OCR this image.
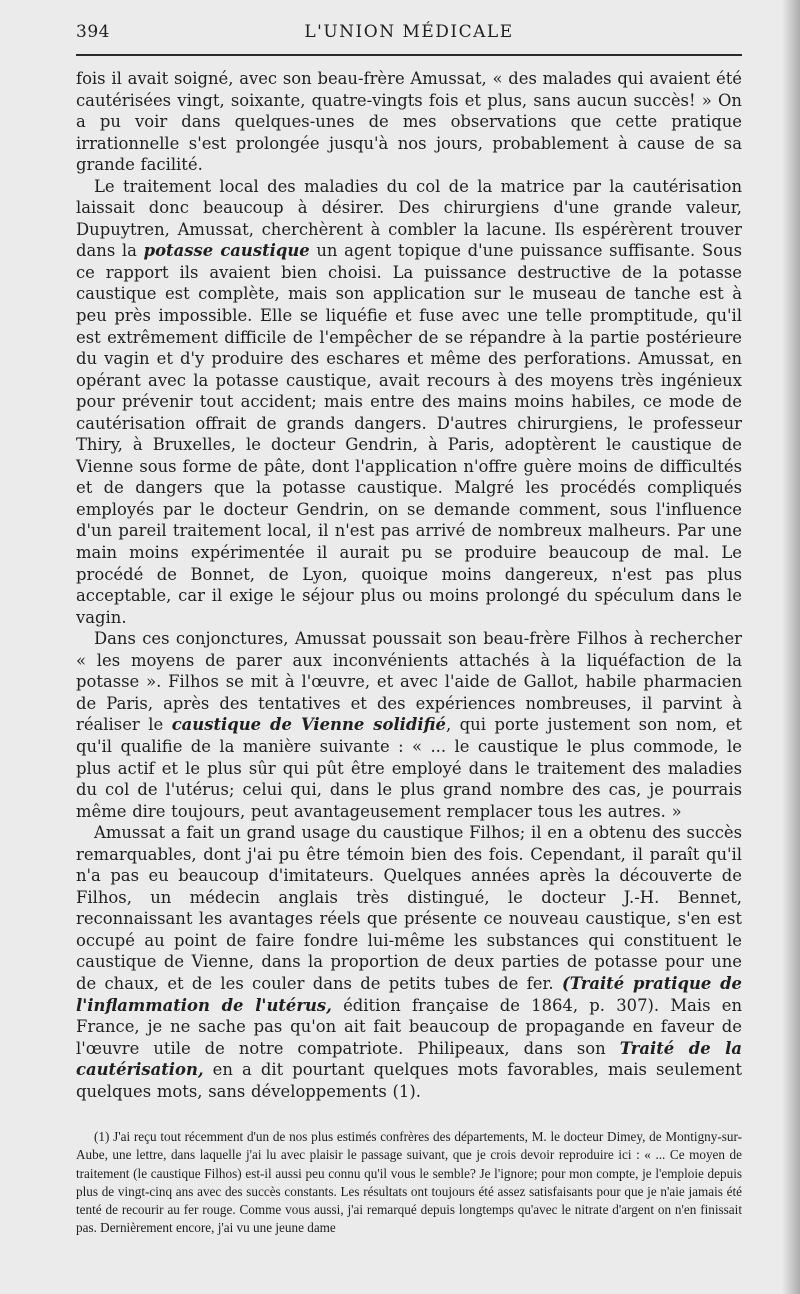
394	L'UNION MÉDICALE

fois il avait soigné, avec son beau-frère Amussat, « des malades qui avaient été cautérisées vingt, soixante, quatre-vingts fois et plus, sans aucun succès! » On a pu voir dans quelques-unes de mes observations que cette pratique irrationnelle s'est prolongée jusqu'à nos jours, probablement à cause de sa grande facilité.

Le traitement local des maladies du col de la matrice par la cautérisation laissait donc beaucoup à désirer. Des chirurgiens d'une grande valeur, Dupuytren, Amussat, cherchèrent à combler la lacune. Ils espérèrent trouver dans la potasse caustique un agent topique d'une puissance suffisante. Sous ce rapport ils avaient bien choisi. La puissance destructive de la potasse caustique est complète, mais son application sur le museau de tanche est à peu près impossible. Elle se liquéfie et fuse avec une telle promptitude, qu'il est extrêmement difficile de l'empêcher de se répandre à la partie postérieure du vagin et d'y produire des eschares et même des perforations. Amussat, en opérant avec la potasse caustique, avait recours à des moyens très ingénieux pour prévenir tout accident; mais entre des mains moins habiles, ce mode de cautérisation offrait de grands dangers. D'autres chirurgiens, le professeur Thiry, à Bruxelles, le docteur Gendrin, à Paris, adoptèrent le caustique de Vienne sous forme de pâte, dont l'application n'offre guère moins de difficultés et de dangers que la potasse caustique. Malgré les procédés compliqués employés par le docteur Gendrin, on se demande comment, sous l'influence d'un pareil traitement local, il n'est pas arrivé de nombreux malheurs. Par une main moins expérimentée il aurait pu se produire beaucoup de mal. Le procédé de Bonnet, de Lyon, quoique moins dangereux, n'est pas plus acceptable, car il exige le séjour plus ou moins prolongé du spéculum dans le vagin.

Dans ces conjonctures, Amussat poussait son beau-frère Filhos à rechercher « les moyens de parer aux inconvénients attachés à la liquéfaction de la potasse ». Filhos se mit à l'œuvre, et avec l'aide de Gallot, habile pharmacien de Paris, après des tentatives et des expériences nombreuses, il parvint à réaliser le caustique de Vienne solidifié, qui porte justement son nom, et qu'il qualifie de la manière suivante : « ... le caustique le plus commode, le plus actif et le plus sûr qui pût être employé dans le traitement des maladies du col de l'utérus; celui qui, dans le plus grand nombre des cas, je pourrais même dire toujours, peut avantageusement remplacer tous les autres. »

Amussat a fait un grand usage du caustique Filhos; il en a obtenu des succès remarquables, dont j'ai pu être témoin bien des fois. Cependant, il paraît qu'il n'a pas eu beaucoup d'imitateurs. Quelques années après la découverte de Filhos, un médecin anglais très distingué, le docteur J.-H. Bennet, reconnaissant les avantages réels que présente ce nouveau caustique, s'en est occupé au point de faire fondre lui-même les substances qui constituent le caustique de Vienne, dans la proportion de deux parties de potasse pour une de chaux, et de les couler dans de petits tubes de fer. (Traité pratique de l'inflammation de l'utérus, édition française de 1864, p. 307). Mais en France, je ne sache pas qu'on ait fait beaucoup de propagande en faveur de l'œuvre utile de notre compatriote. Philipeaux, dans son Traité de la cautérisation, en a dit pourtant quelques mots favorables, mais seulement quelques mots, sans développements (1).

(1) J'ai reçu tout récemment d'un de nos plus estimés confrères des départements, M. le docteur Dimey, de Montigny-sur-Aube, une lettre, dans laquelle j'ai lu avec plaisir le passage suivant, que je crois devoir reproduire ici : « ... Ce moyen de traitement (le caustique Filhos) est-il aussi peu connu qu'il vous le semble? Je l'ignore; pour mon compte, je l'emploie depuis plus de vingt-cinq ans avec des succès constants. Les résultats ont toujours été assez satisfaisants pour que je n'aie jamais été tenté de recourir au fer rouge. Comme vous aussi, j'ai remarqué depuis longtemps qu'avec le nitrate d'argent on n'en finissait pas. Dernièrement encore, j'ai vu une jeune dame
